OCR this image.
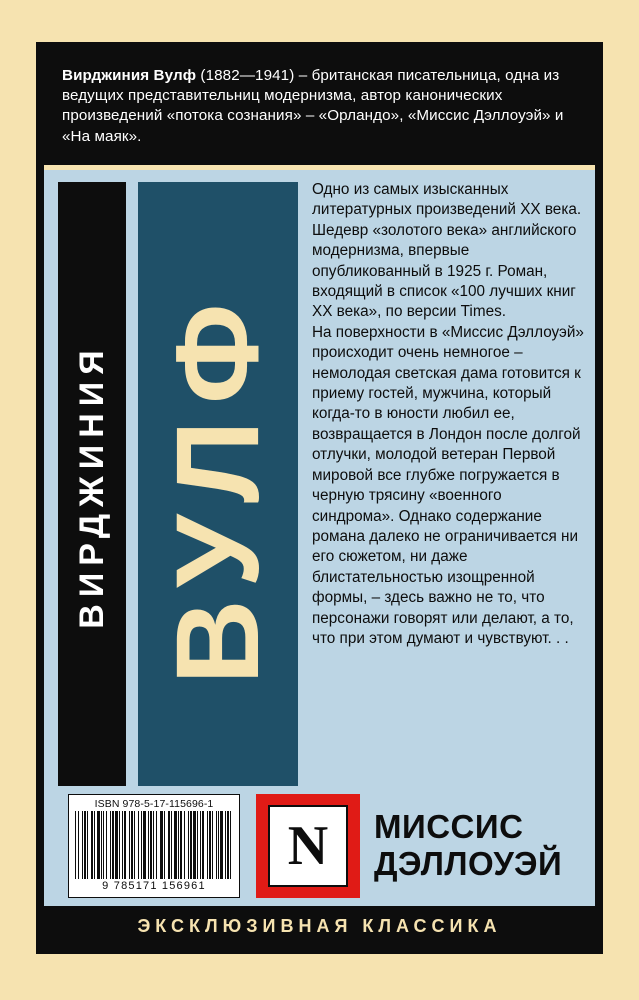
Вирджиния Вулф (1882—1941) – британская писательница, одна из ведущих представительниц модернизма, автор канонических произведений «потока сознания» – «Орландо», «Миссис Дэллоуэй» и «На маяк».
ВИРДЖИНИЯ ВУЛФ

Одно из самых изысканных литературных произведений XX века. Шедевр «золотого века» английского модернизма, впервые опубликованный в 1925 г. Роман, входящий в список «100 лучших книг XX века», по версии Times.

На поверхности в «Миссис Дэллоуэй» происходит очень немногое – немолодая светская дама готовится к приему гостей, мужчина, который когда-то в юности любил ее, возвращается в Лондон после долгой отлучки, молодой ветеран Первой мировой все глубже погружается в черную трясину «военного синдрома». Однако содержание романа далеко не ограничивается ни его сюжетом, ни даже блистательностью изощренной формы, – здесь важно не то, что персонажи говорят или делают, а то, что при этом думают и чувствуют. . .

ISBN 978-5-17-115696-1
9 785171 156961
N	МИССИС
ДЭЛЛОУЭЙ
ЭКСКЛЮЗИВНАЯ КЛАССИКА
